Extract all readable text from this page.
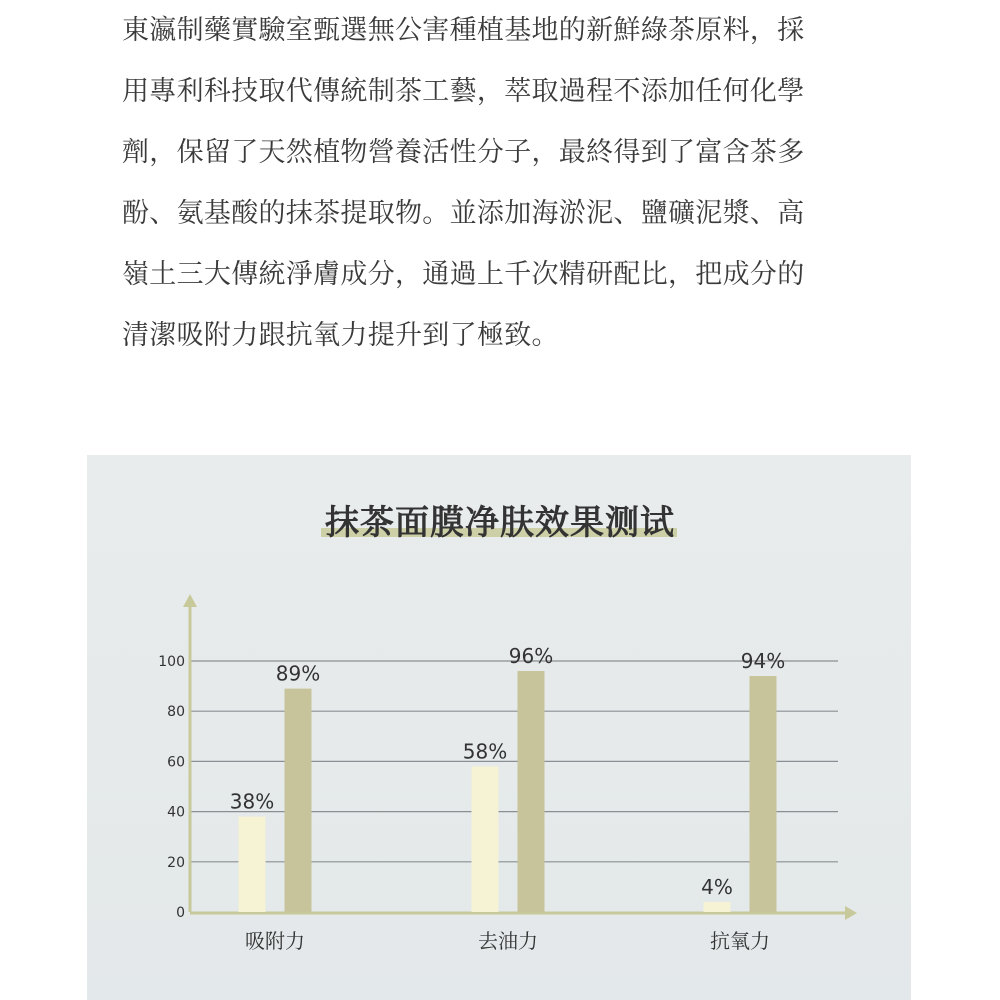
東瀛制藥實驗室甄選無公害種植基地的新鮮綠茶原料，採
用專利科技取代傳統制茶工藝，萃取過程不添加任何化學
劑，保留了天然植物營養活性分子，最終得到了富含茶多
酚、氨基酸的抹茶提取物。並添加海淤泥、鹽礦泥漿、高
嶺土三大傳統淨膚成分，通過上千次精研配比，把成分的
清潔吸附力跟抗氧力提升到了極致。
抹茶面膜净肤效果测试
0
20
40
60
80
100
38%
58%
4%
89%
96%	94%
吸附力	去油力	抗氧力
